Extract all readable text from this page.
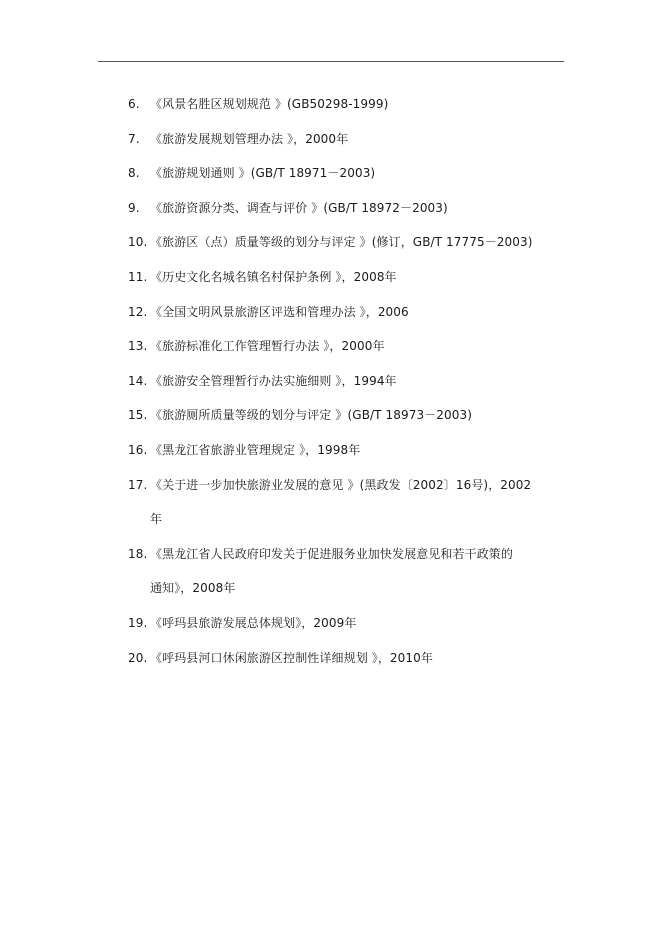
6. 《风景名胜区规划规范 》(GB50298-1999)
7. 《旅游发展规划管理办法 》，2000年
8. 《旅游规划通则 》(GB/T 18971－2003)
9. 《旅游资源分类、调查与评价 》(GB/T 18972－2003)
10. 《旅游区（点）质量等级的划分与评定 》(修订，GB/T 17775－2003)
11. 《历史文化名城名镇名村保护条例 》，2008年
12. 《全国文明风景旅游区评选和管理办法 》，2006
13. 《旅游标准化工作管理暂行办法 》，2000年
14. 《旅游安全管理暂行办法实施细则 》，1994年
15. 《旅游厕所质量等级的划分与评定 》(GB/T 18973－2003)
16. 《黑龙江省旅游业管理规定 》，1998年
17. 《关于进一步加快旅游业发展的意见 》(黑政发〔2002〕16号)，2002
年
18. 《黑龙江省人民政府印发关于促进服务业加快发展意见和若干政策的
通知》，2008年
19. 《呼玛县旅游发展总体规划》，2009年
20. 《呼玛县河口休闲旅游区控制性详细规划 》，2010年
